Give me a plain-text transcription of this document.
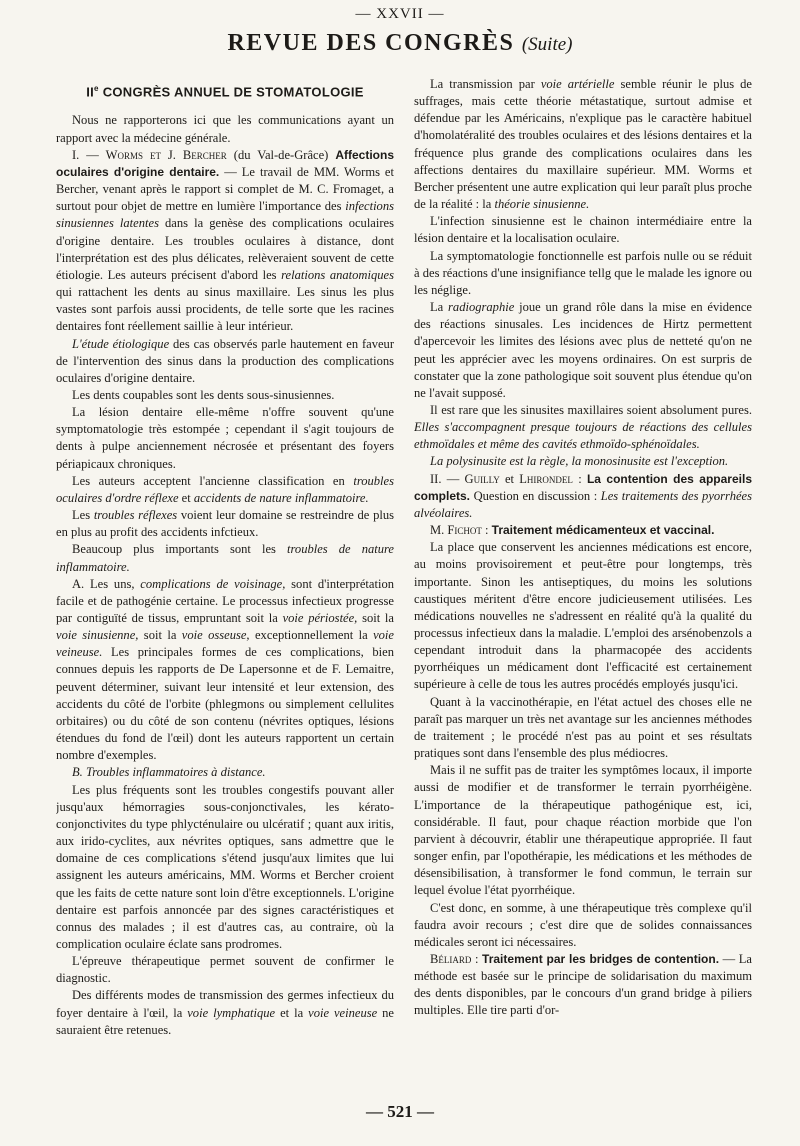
— XXVII —
REVUE DES CONGRÈS (Suite)
IIe CONGRÈS ANNUEL DE STOMATOLOGIE

Nous ne rapporterons ici que les communications ayant un rapport avec la médecine générale.

I. — Worms et J. Bercher (du Val-de-Grâce) Affections oculaires d'origine dentaire. — Le travail de MM. Worms et Bercher, venant après le rapport si complet de M. C. Fromaget, a surtout pour objet de mettre en lumière l'importance des infections sinusiennes latentes dans la genèse des complications oculaires d'origine dentaire. Les troubles oculaires à distance, dont l'interprétation est des plus délicates, relèveraient souvent de cette étiologie. Les auteurs précisent d'abord les relations anatomiques qui rattachent les dents au sinus maxillaire. Les sinus les plus vastes sont parfois aussi procidents, de telle sorte que les racines dentaires font réellement saillie à leur intérieur.

L'étude étiologique des cas observés parle hautement en faveur de l'intervention des sinus dans la production des complications oculaires d'origine dentaire.

Les dents coupables sont les dents sous-sinusiennes.

La lésion dentaire elle-même n'offre souvent qu'une symptomatologie très estompée ; cependant il s'agit toujours de dents à pulpe anciennement nécrosée et présentant des foyers périapicaux chroniques.

Les auteurs acceptent l'ancienne classification en troubles oculaires d'ordre réflexe et accidents de nature inflammatoire.

Les troubles réflexes voient leur domaine se restreindre de plus en plus au profit des accidents infctieux.

Beaucoup plus importants sont les troubles de nature inflammatoire.

A. Les uns, complications de voisinage, sont d'interprétation facile et de pathogénie certaine. Le processus infectieux progresse par contiguïté de tissus, empruntant soit la voie périostée, soit la voie sinusienne, soit la voie osseuse, exceptionnellement la voie veineuse. Les principales formes de ces complications, bien connues depuis les rapports de De Lapersonne et de F. Lemaitre, peuvent déterminer, suivant leur intensité et leur extension, des accidents du côté de l'orbite (phlegmons ou simplement cellulites orbitaires) ou du côté de son contenu (névrites optiques, lésions étendues du fond de l'œil) dont les auteurs rapportent un certain nombre d'exemples.

B. Troubles inflammatoires à distance.

Les plus fréquents sont les troubles congestifs pouvant aller jusqu'aux hémorragies sous-conjonctivales, les kérato-conjonctivites du type phlycténulaire ou ulcératif ; quant aux iritis, aux irido-cyclites, aux névrites optiques, sans admettre que le domaine de ces complications s'étend jusqu'aux limites que lui assignent les auteurs américains, MM. Worms et Bercher croient que les faits de cette nature sont loin d'être exceptionnels. L'origine dentaire est parfois annoncée par des signes caractéristiques et connus des malades ; il est d'autres cas, au contraire, où la complication oculaire éclate sans prodromes.

L'épreuve thérapeutique permet souvent de confirmer le diagnostic.

Des différents modes de transmission des germes infectieux du foyer dentaire à l'œil, la voie lymphatique et la voie veineuse ne sauraient être retenues.

La transmission par voie artérielle semble réunir le plus de suffrages, mais cette théorie métastatique, surtout admise et défendue par les Américains, n'explique pas le caractère habituel d'homolatéralité des troubles oculaires et des lésions dentaires et la fréquence plus grande des complications oculaires dans les affections dentaires du maxillaire supérieur. MM. Worms et Bercher présentent une autre explication qui leur paraît plus proche de la réalité : la théorie sinusienne.

L'infection sinusienne est le chainon intermédiaire entre la lésion dentaire et la localisation oculaire.

La symptomatologie fonctionnelle est parfois nulle ou se réduit à des réactions d'une insignifiance tellg que le malade les ignore ou les néglige.

La radiographie joue un grand rôle dans la mise en évidence des réactions sinusales. Les incidences de Hirtz permettent d'apercevoir les limites des lésions avec plus de netteté qu'on ne peut les apprécier avec les moyens ordinaires. On est surpris de constater que la zone pathologique soit souvent plus étendue qu'on ne l'avait supposé.

Il est rare que les sinusites maxillaires soient absolument pures. Elles s'accompagnent presque toujours de réactions des cellules ethmoïdales et même des cavités ethmoïdo-sphénoïdales.

La polysinusite est la règle, la monosinusite est l'exception.

II. — Guilly et Lhirondel : La contention des appareils complets. Question en discussion : Les traitements des pyorrhées alvéolaires.

M. Fichot : Traitement médicamenteux et vaccinal.

La place que conservent les anciennes médications est encore, au moins provisoirement et peut-être pour longtemps, très importante. Sinon les antiseptiques, du moins les solutions caustiques méritent d'être encore judicieusement utilisées. Les médications nouvelles ne s'adressent en réalité qu'à la qualité du processus infectieux dans la maladie. L'emploi des arsénobenzols a cependant introduit dans la pharmacopée des accidents pyorrhéiques un médicament dont l'efficacité est certainement supérieure à celle de tous les autres procédés employés jusqu'ici.

Quant à la vaccinothérapie, en l'état actuel des choses elle ne paraît pas marquer un très net avantage sur les anciennes méthodes de traitement ; le procédé n'est pas au point et ses résultats pratiques sont dans l'ensemble des plus médiocres.

Mais il ne suffit pas de traiter les symptômes locaux, il importe aussi de modifier et de transformer le terrain pyorrhéigène. L'importance de la thérapeutique pathogénique est, ici, considérable. Il faut, pour chaque réaction morbide que l'on parvient à découvrir, établir une thérapeutique appropriée. Il faut songer enfin, par l'opothérapie, les médications et les méthodes de désensibilisation, à transformer le fond commun, le terrain sur lequel évolue l'état pyorrhéique.

C'est donc, en somme, à une thérapeutique très complexe qu'il faudra avoir recours ; c'est dire que de solides connaissances médicales seront ici nécessaires.

Béliard : Traitement par les bridges de contention. — La méthode est basée sur le principe de solidarisation du maximum des dents disponibles, par le concours d'un grand bridge à piliers multiples. Elle tire parti d'or-

— 521 —
